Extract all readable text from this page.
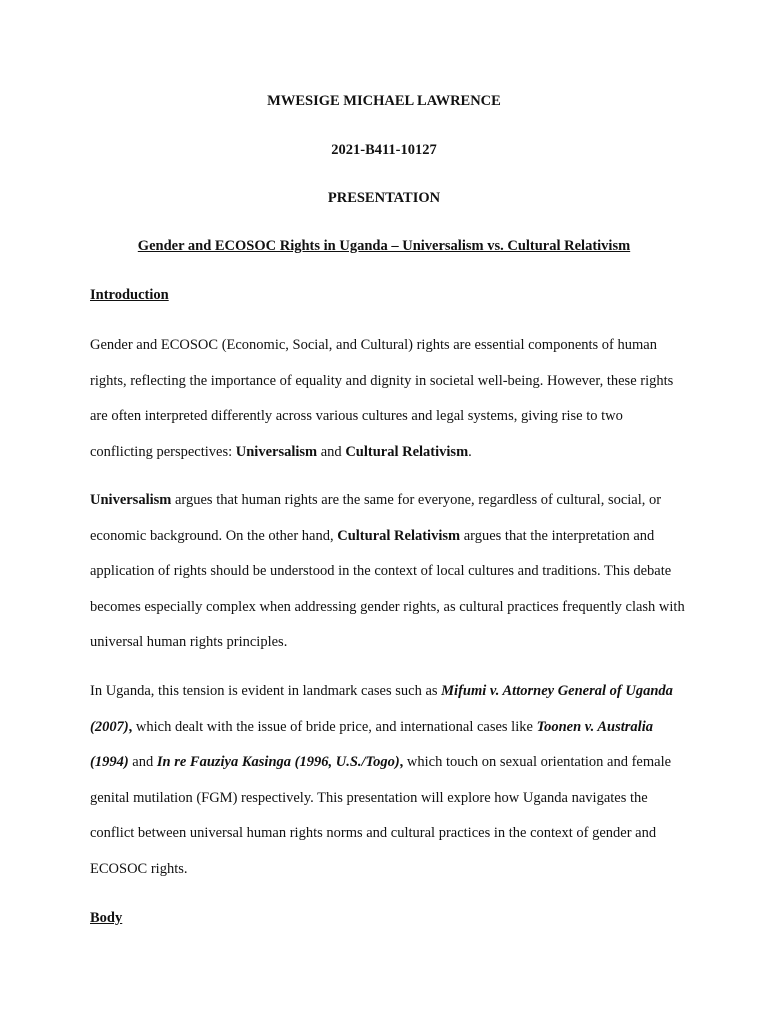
MWESIGE MICHAEL LAWRENCE
2021-B411-10127
PRESENTATION
Gender and ECOSOC Rights in Uganda – Universalism vs. Cultural Relativism
Introduction

Gender and ECOSOC (Economic, Social, and Cultural) rights are essential components of human rights, reflecting the importance of equality and dignity in societal well-being. However, these rights are often interpreted differently across various cultures and legal systems, giving rise to two conflicting perspectives: Universalism and Cultural Relativism.

Universalism argues that human rights are the same for everyone, regardless of cultural, social, or economic background. On the other hand, Cultural Relativism argues that the interpretation and application of rights should be understood in the context of local cultures and traditions. This debate becomes especially complex when addressing gender rights, as cultural practices frequently clash with universal human rights principles.

In Uganda, this tension is evident in landmark cases such as Mifumi v. Attorney General of Uganda (2007), which dealt with the issue of bride price, and international cases like Toonen v. Australia (1994) and In re Fauziya Kasinga (1996, U.S./Togo), which touch on sexual orientation and female genital mutilation (FGM) respectively. This presentation will explore how Uganda navigates the conflict between universal human rights norms and cultural practices in the context of gender and ECOSOC rights.

Body
